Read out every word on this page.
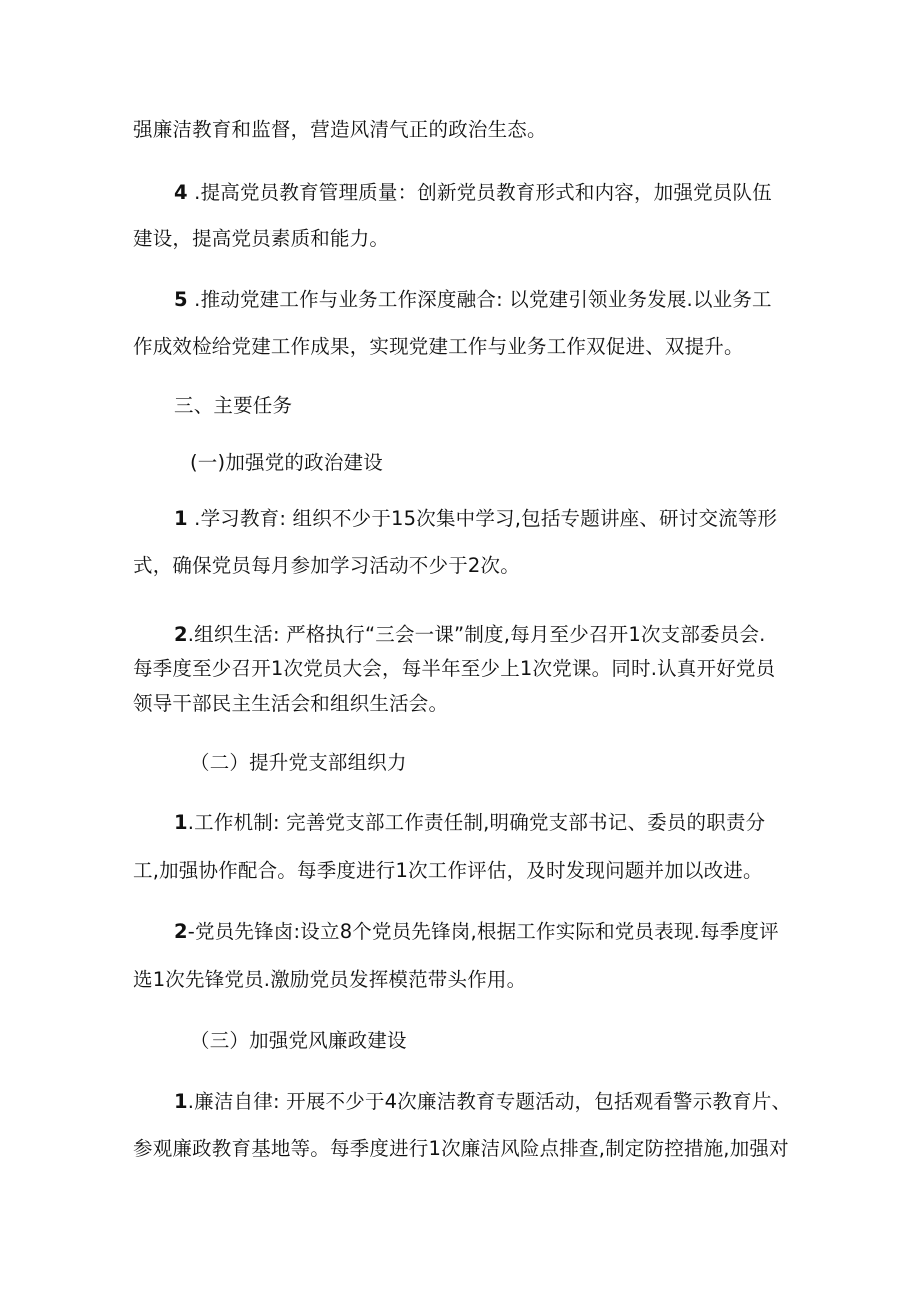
强廉洁教育和监督，营造风清气正的政治生态。
4 .提高党员教育管理质量：创新党员教育形式和内容，加强党员队伍
建设，提高党员素质和能力。
5 .推动党建工作与业务工作深度融合: 以党建引领业务发展.以业务工
作成效检给党建工作成果，实现党建工作与业务工作双促进、双提升。
三、主要任务
(一)加强党的政治建设
1 .学习教育: 组织不少于15次集中学习,包括专题讲座、研讨交流等形
式，确保党员每月参加学习活动不少于2次。
2.组织生活: 严格执行“三会一课”制度,每月至少召开1次支部委员会.
每季度至少召开1次党员大会，每半年至少上1次党课。同时.认真开好党员
领导干部民主生活会和组织生活会。
（二）提升党支部组织力
1.工作机制: 完善党支部工作责任制,明确党支部书记、委员的职责分
工,加强协作配合。每季度进行1次工作评估，及时发现问题并加以改进。
2-党员先锋卤:设立8个党员先锋岗,根据工作实际和党员表现.每季度评
选1次先锋党员.激励党员发挥模范带头作用。
（三）加强党风廉政建设
1.廉洁自律: 开展不少于4次廉洁教育专题活动，包括观看警示教育片、
参观廉政教育基地等。每季度进行1次廉洁风险点排查,制定防控措施,加强对
